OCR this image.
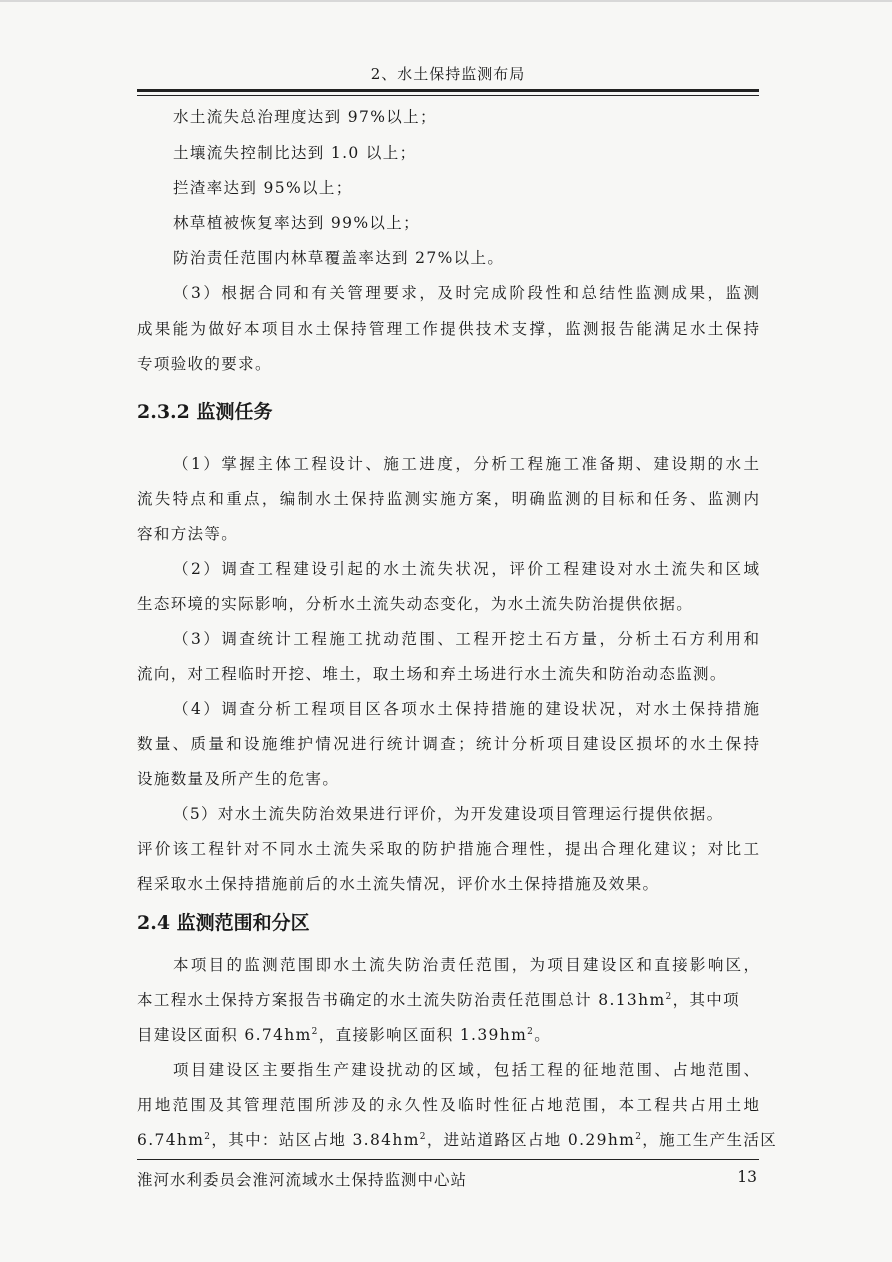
2、水土保持监测布局
水土流失总治理度达到 97%以上；
土壤流失控制比达到 1.0 以上；
拦渣率达到 95%以上；
林草植被恢复率达到 99%以上；
防治责任范围内林草覆盖率达到 27%以上。
（3）根据合同和有关管理要求，及时完成阶段性和总结性监测成果，监测
成果能为做好本项目水土保持管理工作提供技术支撑，监测报告能满足水土保持
专项验收的要求。
2.3.2 监测任务
（1）掌握主体工程设计、施工进度，分析工程施工准备期、建设期的水土
流失特点和重点，编制水土保持监测实施方案，明确监测的目标和任务、监测内
容和方法等。
（2）调查工程建设引起的水土流失状况，评价工程建设对水土流失和区域
生态环境的实际影响，分析水土流失动态变化，为水土流失防治提供依据。
（3）调查统计工程施工扰动范围、工程开挖土石方量，分析土石方利用和
流向，对工程临时开挖、堆土，取土场和弃土场进行水土流失和防治动态监测。
（4）调查分析工程项目区各项水土保持措施的建设状况，对水土保持措施
数量、质量和设施维护情况进行统计调查；统计分析项目建设区损坏的水土保持
设施数量及所产生的危害。
（5）对水土流失防治效果进行评价，为开发建设项目管理运行提供依据。
评价该工程针对不同水土流失采取的防护措施合理性，提出合理化建议；对比工
程采取水土保持措施前后的水土流失情况，评价水土保持措施及效果。
2.4 监测范围和分区
本项目的监测范围即水土流失防治责任范围，为项目建设区和直接影响区，
本工程水土保持方案报告书确定的水土流失防治责任范围总计 $8.13hm^2$，其中项
目建设区面积 $6.74hm^2$，直接影响区面积 $1.39hm^2$。
项目建设区主要指生产建设扰动的区域，包括工程的征地范围、占地范围、
用地范围及其管理范围所涉及的永久性及临时性征占地范围，本工程共占用土地
$6.74hm^2$，其中：站区占地 $3.84hm^2$，进站道路区占地 $0.29hm^2$，施工生产生活区
淮河水利委员会淮河流域水土保持监测中心站	13
